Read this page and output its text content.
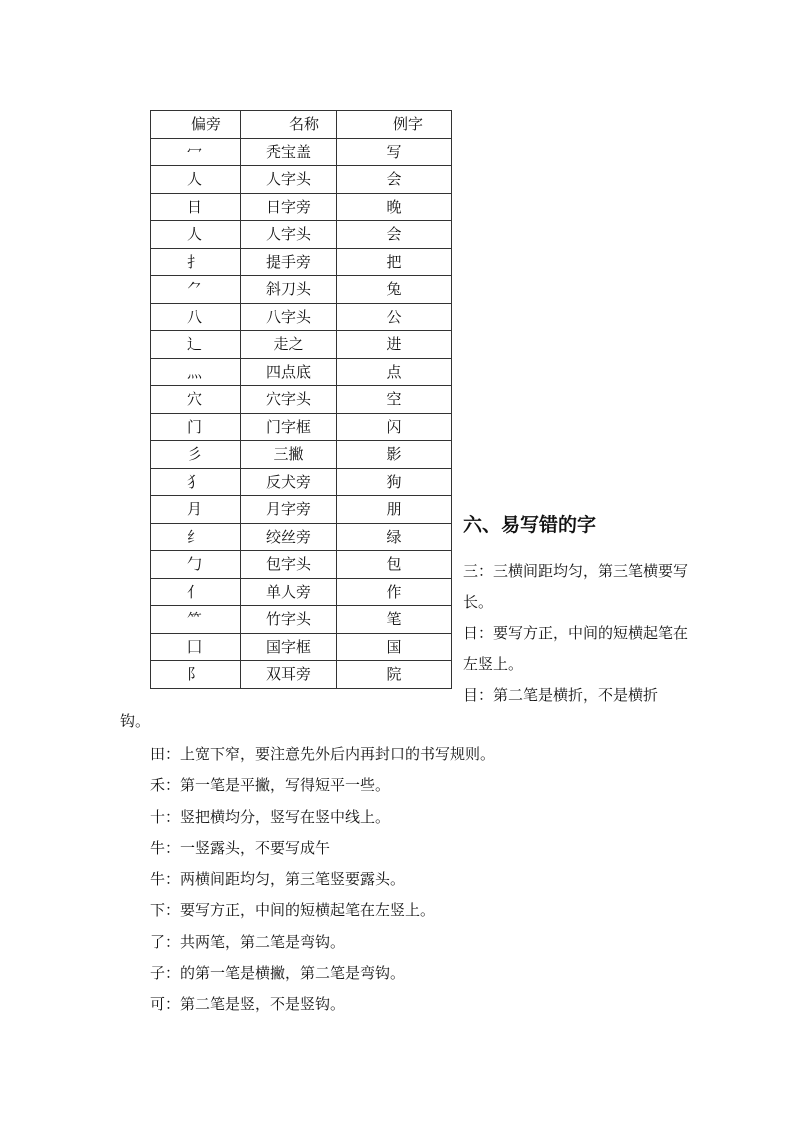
偏旁	名称	例字
冖	秃宝盖	写
人	人字头	会
日	日字旁	晚
人	人字头	会
扌	提手旁	把
⺈	斜刀头	兔
八	八字头	公
辶	走之	进
灬	四点底	点
穴	穴字头	空
门	门字框	闪
彡	三撇	影
犭	反犬旁	狗
月	月字旁	朋
纟	绞丝旁	绿
勹	包字头	包
亻	单人旁	作
⺮	竹字头	笔
囗	国字框	国
阝	双耳旁	院
六、易写错的字

三：三横间距均匀，第三笔横要写长。

日：要写方正，中间的短横起笔在左竖上。

目：第二笔是横折，不是横折

钩。

田：上宽下窄，要注意先外后内再封口的书写规则。
禾：第一笔是平撇，写得短平一些。
十：竖把横均分，竖写在竖中线上。
牛：一竖露头，不要写成午
牛：两横间距均匀，第三笔竖要露头。
下：要写方正，中间的短横起笔在左竖上。
了：共两笔，第二笔是弯钩。
子：的第一笔是横撇，第二笔是弯钩。
可：第二笔是竖，不是竖钩。
